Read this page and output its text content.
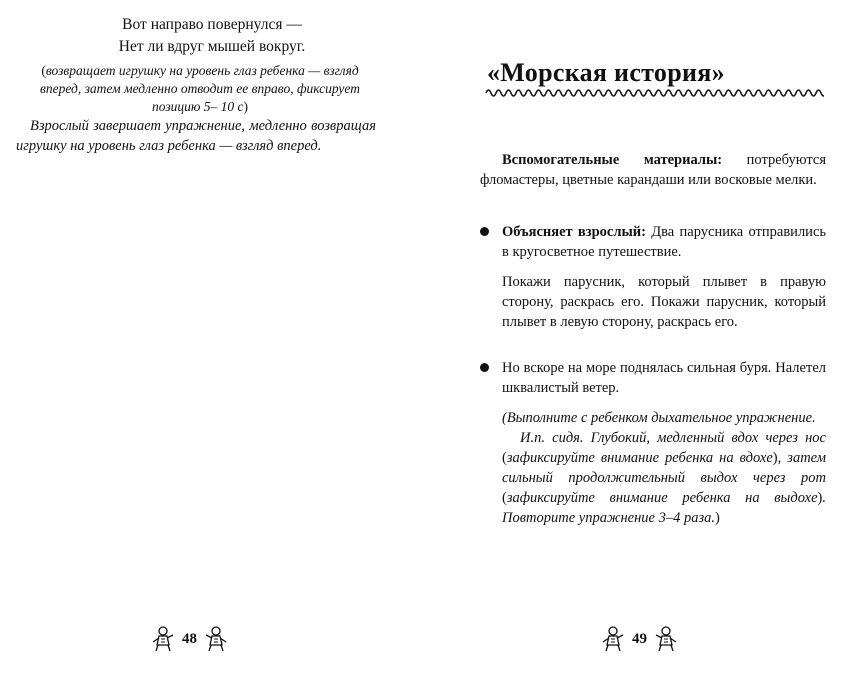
Вот направо повернулся —
Нет ли вдруг мышей вокруг.
(возвращает игрушку на уровень глаз ребенка — взгляд вперед, затем медленно отводит ее вправо, фиксирует позицию 5– 10 с)
Взрослый завершает упражнение, медленно возвращая игрушку на уровень глаз ребенка — взгляд вперед.
48
«Морская история»
Вспомогательные материалы: потребуются фломастеры, цветные карандаши или восковые мелки.

Объясняет взрослый: Два парусника отправились в кругосветное путешествие.

Покажи парусник, который плывет в правую сторону, раскрась его. Покажи парусник, который плывет в левую сторону, раскрась его.

Но вскоре на море поднялась сильная буря. Налетел шквалистый ветер.

(Выполните с ребенком дыхательное упражнение.

И.п. сидя. Глубокий, медленный вдох через нос (зафиксируйте внимание ребенка на вдохе), затем сильный продолжительный выдох через рот (зафиксируйте внимание ребенка на выдохе). Повторите упражнение 3–4 раза.)

49
